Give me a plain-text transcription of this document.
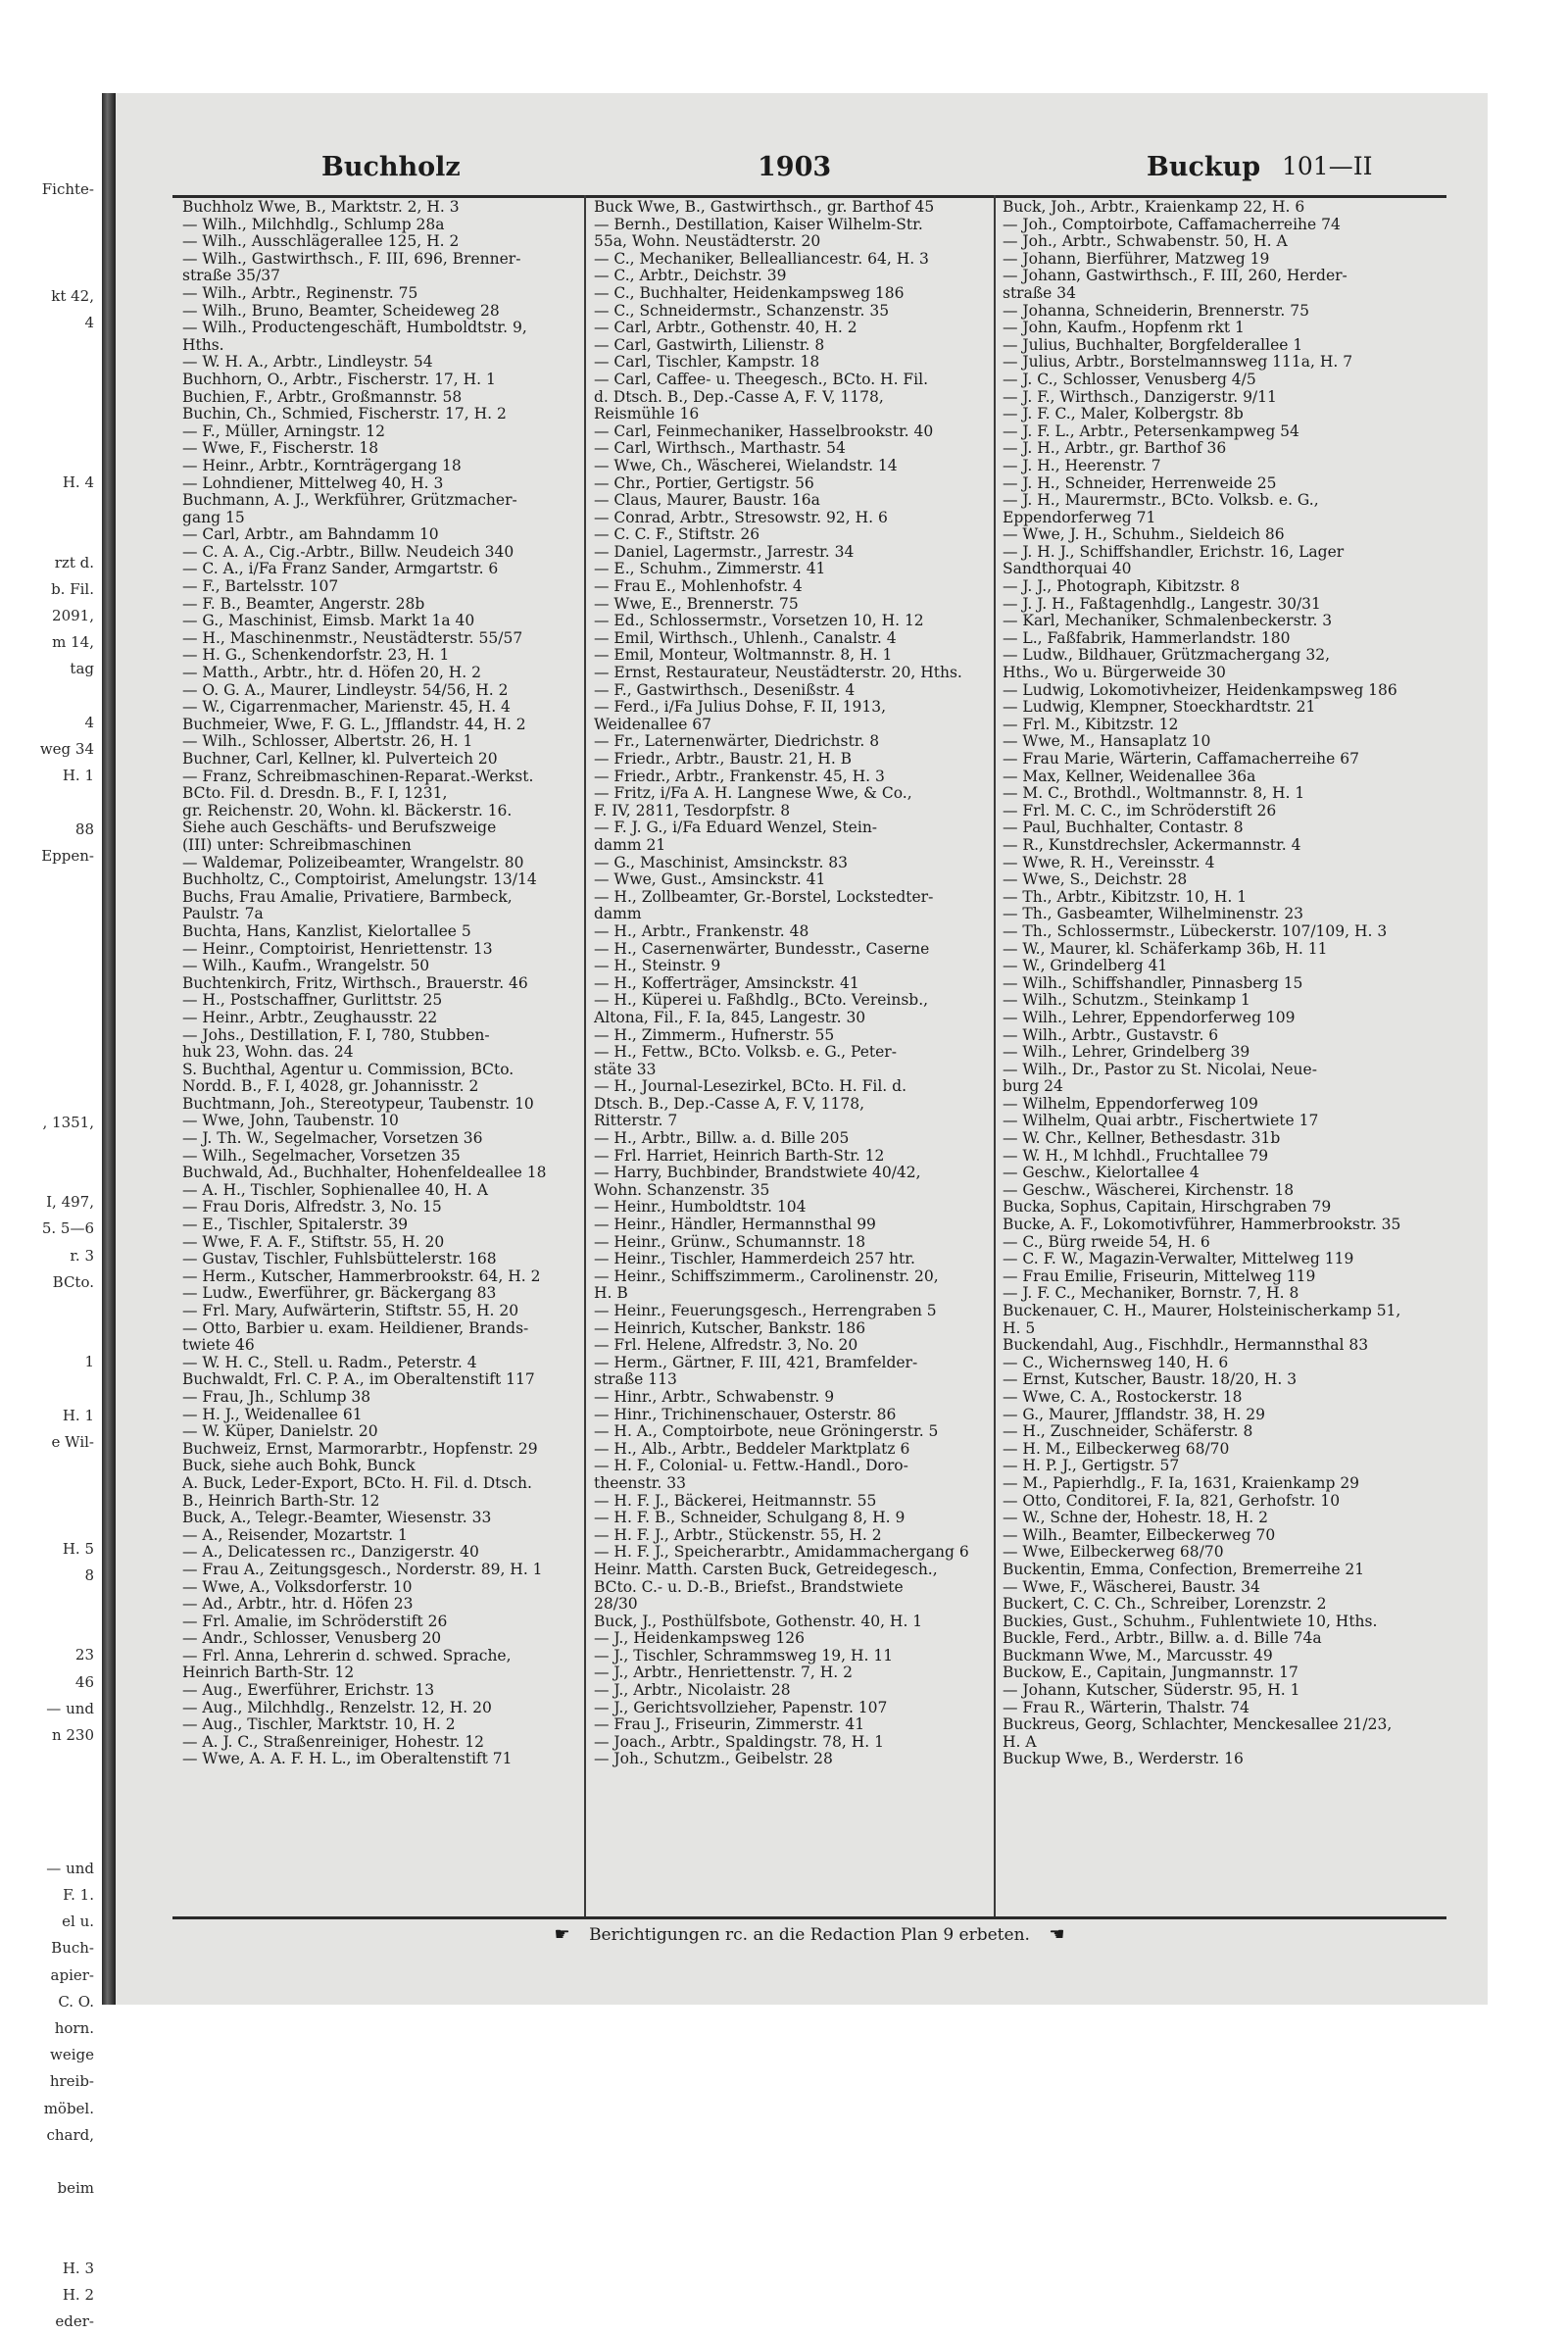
Fichte-
kt 42,
4
H. 4
rzt d.
b. Fil.
2091,
m 14,
tag
4
weg 34
H. 1
88
Eppen-
, 1351,
I, 497,
5. 5—6
r. 3
BCto.
1
H. 1
e Wil-
H. 5
8
23
46
— und
n 230
— und
F. 1.
el u.
Buch-
apier-
C. O.
horn.
weige
hreib-
möbel.
chard,
beim
H. 3
H. 2
eder-
Buchholz	1903	Buckup 101—II
Buchholz Wwe, B., Marktstr. 2, H. 3
— Wilh., Milchhdlg., Schlump 28a
— Wilh., Ausschlägerallee 125, H. 2
— Wilh., Gastwirthsch., F. III, 696, Brenner-
straße 35/37
— Wilh., Arbtr., Reginenstr. 75
— Wilh., Bruno, Beamter, Scheideweg 28
— Wilh., Productengeschäft, Humboldtstr. 9,
Hths.
— W. H. A., Arbtr., Lindleystr. 54
Buchhorn, O., Arbtr., Fischerstr. 17, H. 1
Buchien, F., Arbtr., Großmannstr. 58
Buchin, Ch., Schmied, Fischerstr. 17, H. 2
— F., Müller, Arningstr. 12
— Wwe, F., Fischerstr. 18
— Heinr., Arbtr., Kornträgergang 18
— Lohndiener, Mittelweg 40, H. 3
Buchmann, A. J., Werkführer, Grützmacher-
gang 15
— Carl, Arbtr., am Bahndamm 10
— C. A. A., Cig.-Arbtr., Billw. Neudeich 340
— C. A., i/Fa Franz Sander, Armgartstr. 6
— F., Bartelsstr. 107
— F. B., Beamter, Angerstr. 28b
— G., Maschinist, Eimsb. Markt 1a 40
— H., Maschinenmstr., Neustädterstr. 55/57
— H. G., Schenkendorfstr. 23, H. 1
— Matth., Arbtr., htr. d. Höfen 20, H. 2
— O. G. A., Maurer, Lindleystr. 54/56, H. 2
— W., Cigarrenmacher, Marienstr. 45, H. 4
Buchmeier, Wwe, F. G. L., Jfflandstr. 44, H. 2
— Wilh., Schlosser, Albertstr. 26, H. 1
Buchner, Carl, Kellner, kl. Pulverteich 20
— Franz, Schreibmaschinen-Reparat.-Werkst.
BCto. Fil. d. Dresdn. B., F. I, 1231,
gr. Reichenstr. 20, Wohn. kl. Bäckerstr. 16.
Siehe auch Geschäfts- und Berufszweige
(III) unter: Schreibmaschinen
— Waldemar, Polizeibeamter, Wrangelstr. 80
Buchholtz, C., Comptoirist, Amelungstr. 13/14
Buchs, Frau Amalie, Privatiere, Barmbeck,
Paulstr. 7a
Buchta, Hans, Kanzlist, Kielortallee 5
— Heinr., Comptoirist, Henriettenstr. 13
— Wilh., Kaufm., Wrangelstr. 50
Buchtenkirch, Fritz, Wirthsch., Brauerstr. 46
— H., Postschaffner, Gurlittstr. 25
— Heinr., Arbtr., Zeughausstr. 22
— Johs., Destillation, F. I, 780, Stubben-
huk 23, Wohn. das. 24
S. Buchthal, Agentur u. Commission, BCto.
Nordd. B., F. I, 4028, gr. Johannisstr. 2
Buchtmann, Joh., Stereotypeur, Taubenstr. 10
— Wwe, John, Taubenstr. 10
— J. Th. W., Segelmacher, Vorsetzen 36
— Wilh., Segelmacher, Vorsetzen 35
Buchwald, Ad., Buchhalter, Hohenfeldeallee 18
— A. H., Tischler, Sophienallee 40, H. A
— Frau Doris, Alfredstr. 3, No. 15
— E., Tischler, Spitalerstr. 39
— Wwe, F. A. F., Stiftstr. 55, H. 20
— Gustav, Tischler, Fuhlsbüttelerstr. 168
— Herm., Kutscher, Hammerbrookstr. 64, H. 2
— Ludw., Ewerführer, gr. Bäckergang 83
— Frl. Mary, Aufwärterin, Stiftstr. 55, H. 20
— Otto, Barbier u. exam. Heildiener, Brands-
twiete 46
— W. H. C., Stell. u. Radm., Peterstr. 4
Buchwaldt, Frl. C. P. A., im Oberaltenstift 117
— Frau, Jh., Schlump 38
— H. J., Weidenallee 61
— W. Küper, Danielstr. 20
Buchweiz, Ernst, Marmorarbtr., Hopfenstr. 29
Buck, siehe auch Bohk, Bunck
A. Buck, Leder-Export, BCto. H. Fil. d. Dtsch.
B., Heinrich Barth-Str. 12
Buck, A., Telegr.-Beamter, Wiesenstr. 33
— A., Reisender, Mozartstr. 1
— A., Delicatessen rc., Danzigerstr. 40
— Frau A., Zeitungsgesch., Norderstr. 89, H. 1
— Wwe, A., Volksdorferstr. 10
— Ad., Arbtr., htr. d. Höfen 23
— Frl. Amalie, im Schröderstift 26
— Andr., Schlosser, Venusberg 20
— Frl. Anna, Lehrerin d. schwed. Sprache,
Heinrich Barth-Str. 12
— Aug., Ewerführer, Erichstr. 13
— Aug., Milchhdlg., Renzelstr. 12, H. 20
— Aug., Tischler, Marktstr. 10, H. 2
— A. J. C., Straßenreiniger, Hohestr. 12
— Wwe, A. A. F. H. L., im Oberaltenstift 71
Buck Wwe, B., Gastwirthsch., gr. Barthof 45
— Bernh., Destillation, Kaiser Wilhelm-Str.
55a, Wohn. Neustädterstr. 20
— C., Mechaniker, Bellealliancestr. 64, H. 3
— C., Arbtr., Deichstr. 39
— C., Buchhalter, Heidenkampsweg 186
— C., Schneidermstr., Schanzenstr. 35
— Carl, Arbtr., Gothenstr. 40, H. 2
— Carl, Gastwirth, Lilienstr. 8
— Carl, Tischler, Kampstr. 18
— Carl, Caffee- u. Theegesch., BCto. H. Fil.
d. Dtsch. B., Dep.-Casse A, F. V, 1178,
Reismühle 16
— Carl, Feinmechaniker, Hasselbrookstr. 40
— Carl, Wirthsch., Marthastr. 54
— Wwe, Ch., Wäscherei, Wielandstr. 14
— Chr., Portier, Gertigstr. 56
— Claus, Maurer, Baustr. 16a
— Conrad, Arbtr., Stresowstr. 92, H. 6
— C. C. F., Stiftstr. 26
— Daniel, Lagermstr., Jarrestr. 34
— E., Schuhm., Zimmerstr. 41
— Frau E., Mohlenhofstr. 4
— Wwe, E., Brennerstr. 75
— Ed., Schlossermstr., Vorsetzen 10, H. 12
— Emil, Wirthsch., Uhlenh., Canalstr. 4
— Emil, Monteur, Woltmannstr. 8, H. 1
— Ernst, Restaurateur, Neustädterstr. 20, Hths.
— F., Gastwirthsch., Desenißstr. 4
— Ferd., i/Fa Julius Dohse, F. II, 1913,
Weidenallee 67
— Fr., Laternenwärter, Diedrichstr. 8
— Friedr., Arbtr., Baustr. 21, H. B
— Friedr., Arbtr., Frankenstr. 45, H. 3
— Fritz, i/Fa A. H. Langnese Wwe, & Co.,
F. IV, 2811, Tesdorpfstr. 8
— F. J. G., i/Fa Eduard Wenzel, Stein-
damm 21
— G., Maschinist, Amsinckstr. 83
— Wwe, Gust., Amsinckstr. 41
— H., Zollbeamter, Gr.-Borstel, Lockstedter-
damm
— H., Arbtr., Frankenstr. 48
— H., Casernenwärter, Bundesstr., Caserne
— H., Steinstr. 9
— H., Kofferträger, Amsinckstr. 41
— H., Küperei u. Faßhdlg., BCto. Vereinsb.,
Altona, Fil., F. Ia, 845, Langestr. 30
— H., Zimmerm., Hufnerstr. 55
— H., Fettw., BCto. Volksb. e. G., Peter-
stäte 33
— H., Journal-Lesezirkel, BCto. H. Fil. d.
Dtsch. B., Dep.-Casse A, F. V, 1178,
Ritterstr. 7
— H., Arbtr., Billw. a. d. Bille 205
— Frl. Harriet, Heinrich Barth-Str. 12
— Harry, Buchbinder, Brandstwiete 40/42,
Wohn. Schanzenstr. 35
— Heinr., Humboldtstr. 104
— Heinr., Händler, Hermannsthal 99
— Heinr., Grünw., Schumannstr. 18
— Heinr., Tischler, Hammerdeich 257 htr.
— Heinr., Schiffszimmerm., Carolinenstr. 20,
H. B
— Heinr., Feuerungsgesch., Herrengraben 5
— Heinrich, Kutscher, Bankstr. 186
— Frl. Helene, Alfredstr. 3, No. 20
— Herm., Gärtner, F. III, 421, Bramfelder-
straße 113
— Hinr., Arbtr., Schwabenstr. 9
— Hinr., Trichinenschauer, Osterstr. 86
— H. A., Comptoirbote, neue Gröningerstr. 5
— H., Alb., Arbtr., Beddeler Marktplatz 6
— H. F., Colonial- u. Fettw.-Handl., Doro-
theenstr. 33
— H. F. J., Bäckerei, Heitmannstr. 55
— H. F. B., Schneider, Schulgang 8, H. 9
— H. F. J., Arbtr., Stückenstr. 55, H. 2
— H. F. J., Speicherarbtr., Amidammachergang 6
Heinr. Matth. Carsten Buck, Getreidegesch.,
BCto. C.- u. D.-B., Briefst., Brandstwiete
28/30
Buck, J., Posthülfsbote, Gothenstr. 40, H. 1
— J., Heidenkampsweg 126
— J., Tischler, Schrammsweg 19, H. 11
— J., Arbtr., Henriettenstr. 7, H. 2
— J., Arbtr., Nicolaistr. 28
— J., Gerichtsvollzieher, Papenstr. 107
— Frau J., Friseurin, Zimmerstr. 41
— Joach., Arbtr., Spaldingstr. 78, H. 1
— Joh., Schutzm., Geibelstr. 28
Buck, Joh., Arbtr., Kraienkamp 22, H. 6
— Joh., Comptoirbote, Caffamacherreihe 74
— Joh., Arbtr., Schwabenstr. 50, H. A
— Johann, Bierführer, Matzweg 19
— Johann, Gastwirthsch., F. III, 260, Herder-
straße 34
— Johanna, Schneiderin, Brennerstr. 75
— John, Kaufm., Hopfenm rkt 1
— Julius, Buchhalter, Borgfelderallee 1
— Julius, Arbtr., Borstelmannsweg 111a, H. 7
— J. C., Schlosser, Venusberg 4/5
— J. F., Wirthsch., Danzigerstr. 9/11
— J. F. C., Maler, Kolbergstr. 8b
— J. F. L., Arbtr., Petersenkampweg 54
— J. H., Arbtr., gr. Barthof 36
— J. H., Heerenstr. 7
— J. H., Schneider, Herrenweide 25
— J. H., Maurermstr., BCto. Volksb. e. G.,
Eppendorferweg 71
— Wwe, J. H., Schuhm., Sieldeich 86
— J. H. J., Schiffshandler, Erichstr. 16, Lager
Sandthorquai 40
— J. J., Photograph, Kibitzstr. 8
— J. J. H., Faßtagenhdlg., Langestr. 30/31
— Karl, Mechaniker, Schmalenbeckerstr. 3
— L., Faßfabrik, Hammerlandstr. 180
— Ludw., Bildhauer, Grützmachergang 32,
Hths., Wo u. Bürgerweide 30
— Ludwig, Lokomotivheizer, Heidenkampsweg 186
— Ludwig, Klempner, Stoeckhardtstr. 21
— Frl. M., Kibitzstr. 12
— Wwe, M., Hansaplatz 10
— Frau Marie, Wärterin, Caffamacherreihe 67
— Max, Kellner, Weidenallee 36a
— M. C., Brothdl., Woltmannstr. 8, H. 1
— Frl. M. C. C., im Schröderstift 26
— Paul, Buchhalter, Contastr. 8
— R., Kunstdrechsler, Ackermannstr. 4
— Wwe, R. H., Vereinsstr. 4
— Wwe, S., Deichstr. 28
— Th., Arbtr., Kibitzstr. 10, H. 1
— Th., Gasbeamter, Wilhelminenstr. 23
— Th., Schlossermstr., Lübeckerstr. 107/109, H. 3
— W., Maurer, kl. Schäferkamp 36b, H. 11
— W., Grindelberg 41
— Wilh., Schiffshandler, Pinnasberg 15
— Wilh., Schutzm., Steinkamp 1
— Wilh., Lehrer, Eppendorferweg 109
— Wilh., Arbtr., Gustavstr. 6
— Wilh., Lehrer, Grindelberg 39
— Wilh., Dr., Pastor zu St. Nicolai, Neue-
burg 24
— Wilhelm, Eppendorferweg 109
— Wilhelm, Quai arbtr., Fischertwiete 17
— W. Chr., Kellner, Bethesdastr. 31b
— W. H., M lchhdl., Fruchtallee 79
— Geschw., Kielortallee 4
— Geschw., Wäscherei, Kirchenstr. 18
Bucka, Sophus, Capitain, Hirschgraben 79
Bucke, A. F., Lokomotivführer, Hammerbrookstr. 35
— C., Bürg rweide 54, H. 6
— C. F. W., Magazin-Verwalter, Mittelweg 119
— Frau Emilie, Friseurin, Mittelweg 119
— J. F. C., Mechaniker, Bornstr. 7, H. 8
Buckenauer, C. H., Maurer, Holsteinischerkamp 51,
H. 5
Buckendahl, Aug., Fischhdlr., Hermannsthal 83
— C., Wichernsweg 140, H. 6
— Ernst, Kutscher, Baustr. 18/20, H. 3
— Wwe, C. A., Rostockerstr. 18
— G., Maurer, Jfflandstr. 38, H. 29
— H., Zuschneider, Schäferstr. 8
— H. M., Eilbeckerweg 68/70
— H. P. J., Gertigstr. 57
— M., Papierhdlg., F. Ia, 1631, Kraienkamp 29
— Otto, Conditorei, F. Ia, 821, Gerhofstr. 10
— W., Schne der, Hohestr. 18, H. 2
— Wilh., Beamter, Eilbeckerweg 70
— Wwe, Eilbeckerweg 68/70
Buckentin, Emma, Confection, Bremerreihe 21
— Wwe, F., Wäscherei, Baustr. 34
Buckert, C. C. Ch., Schreiber, Lorenzstr. 2
Buckies, Gust., Schuhm., Fuhlentwiete 10, Hths.
Buckle, Ferd., Arbtr., Billw. a. d. Bille 74a
Buckmann Wwe, M., Marcusstr. 49
Buckow, E., Capitain, Jungmannstr. 17
— Johann, Kutscher, Süderstr. 95, H. 1
— Frau R., Wärterin, Thalstr. 74
Buckreus, Georg, Schlachter, Menckesallee 21/23,
H. A
Buckup Wwe, B., Werderstr. 16
☛ Berichtigungen rc. an die Redaction Plan 9 erbeten. ☚
